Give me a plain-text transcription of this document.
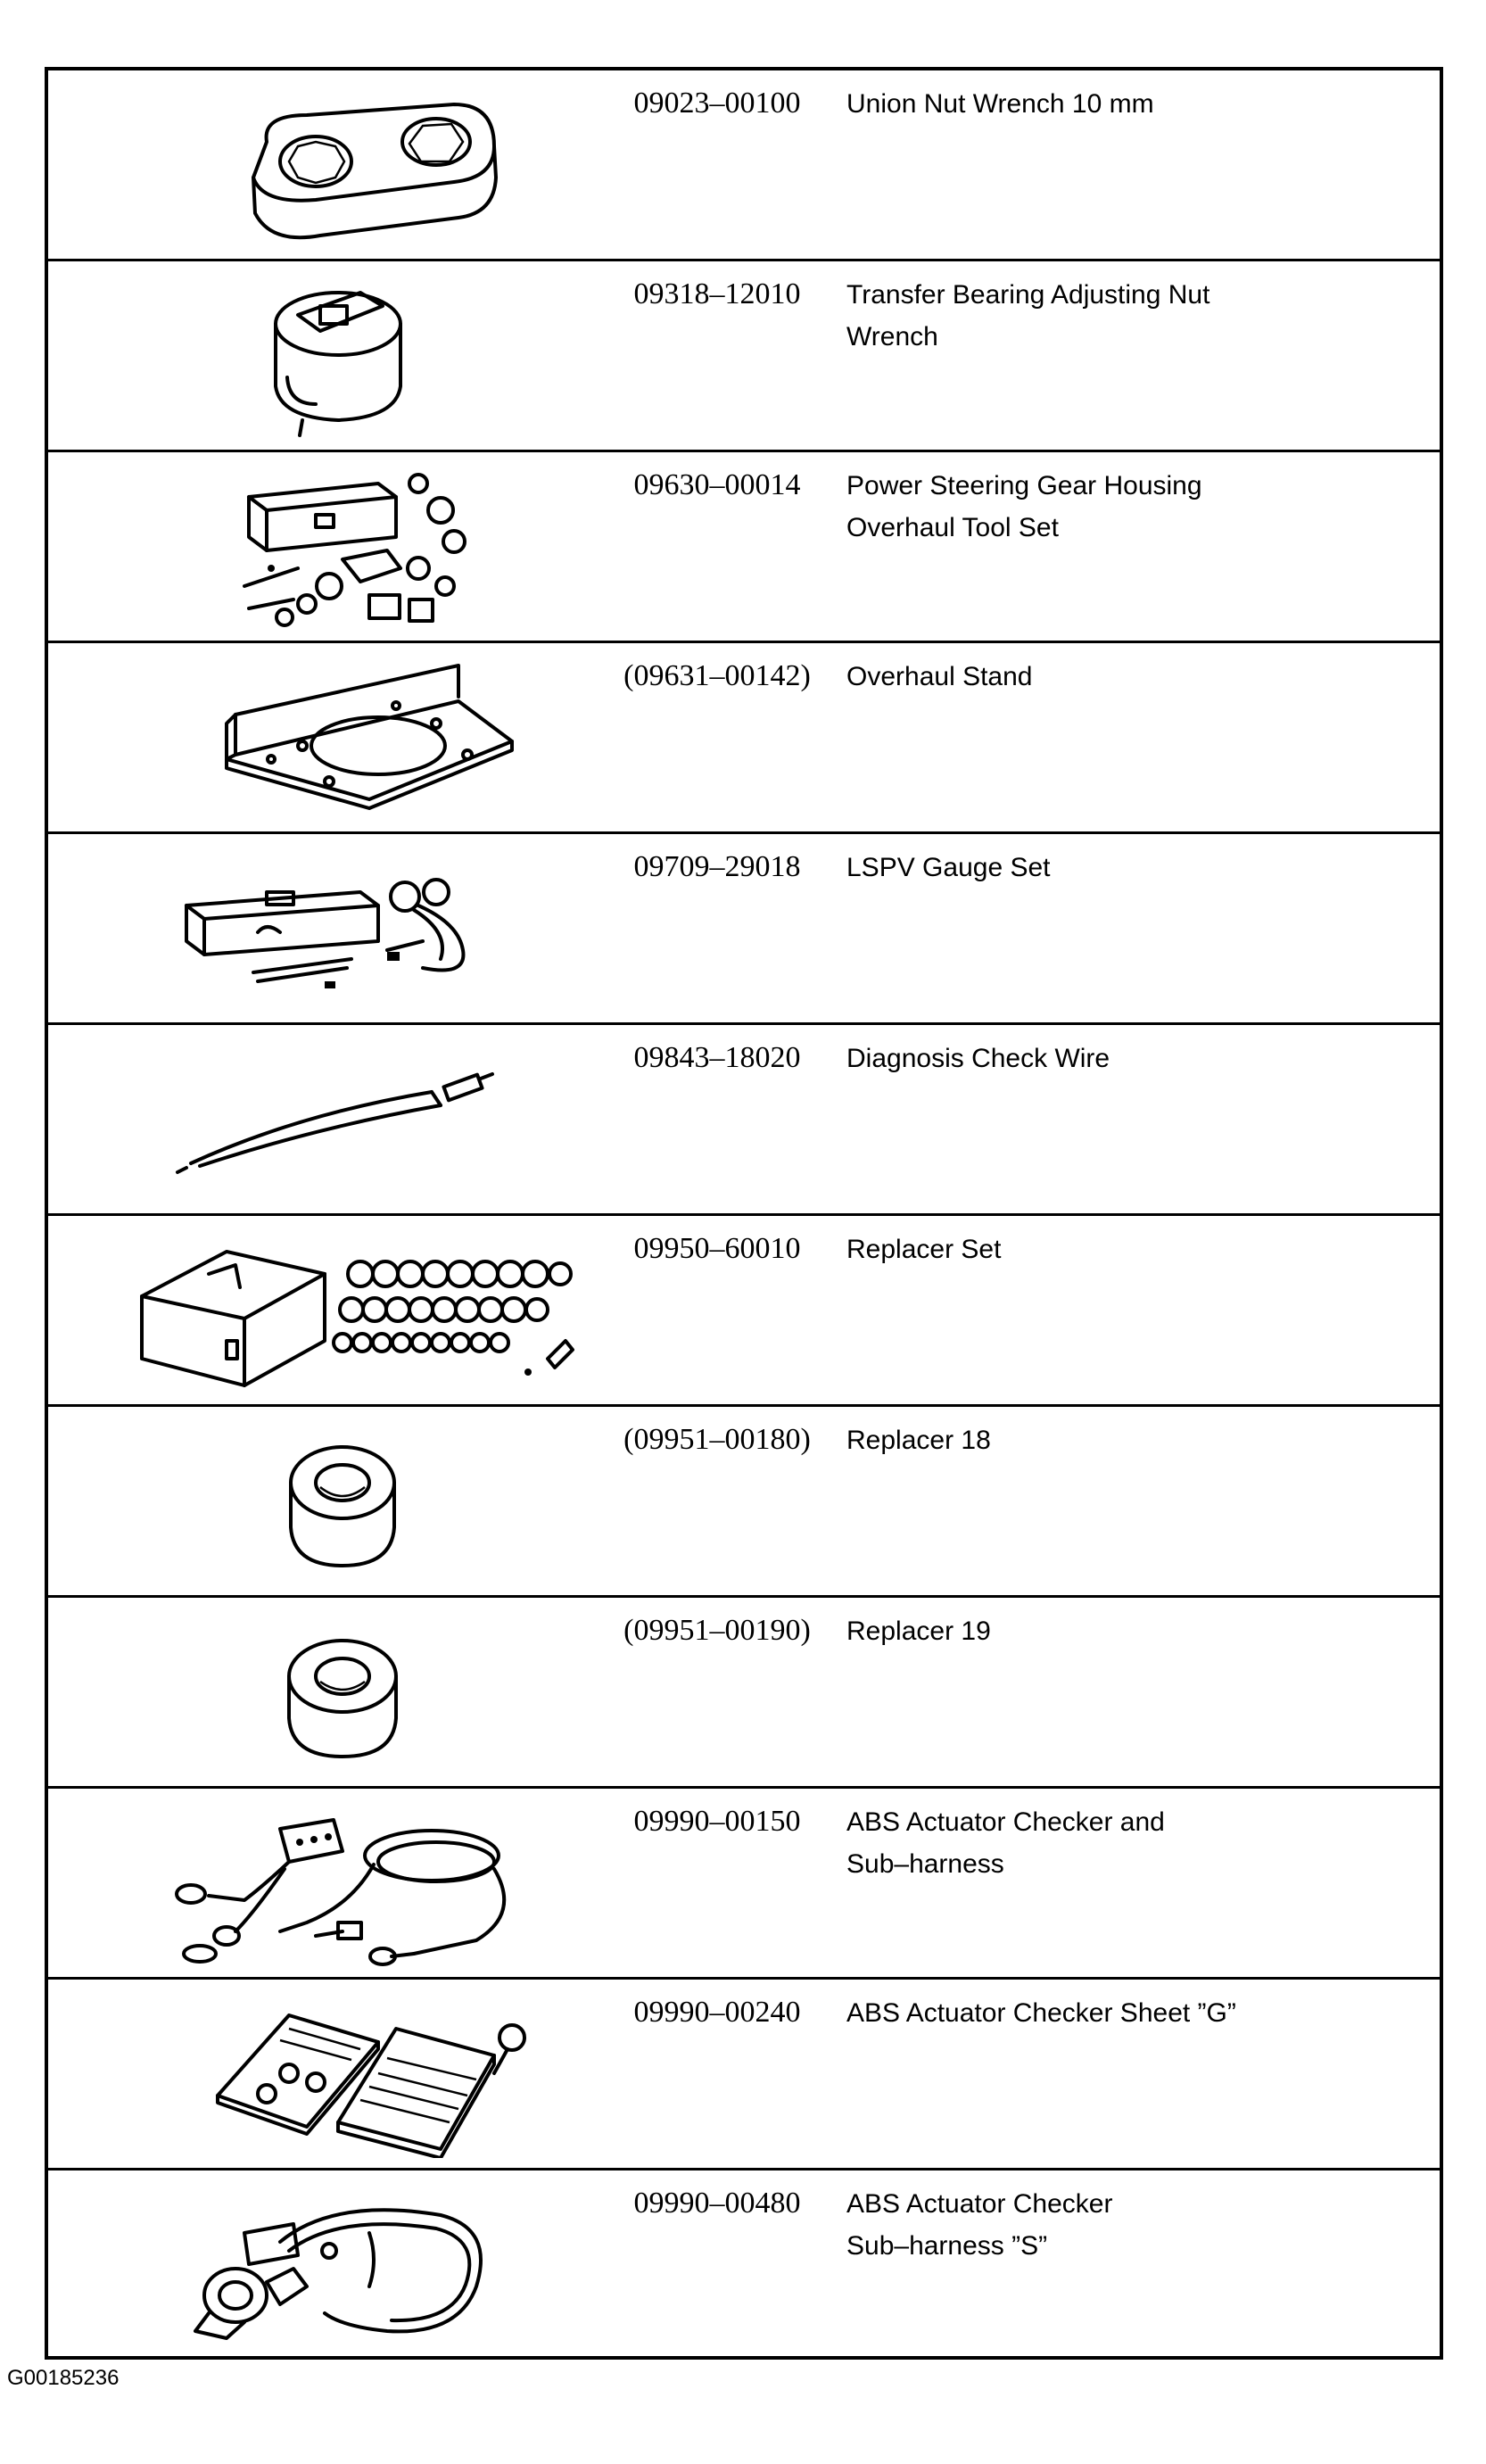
09023–00100	Union Nut Wrench 10 mm
09318–12010	Transfer Bearing Adjusting Nut
Wrench
09630–00014	Power Steering Gear Housing
Overhaul Tool Set
(09631–00142)	Overhaul Stand
09709–29018	LSPV Gauge Set
09843–18020	Diagnosis Check Wire
09950–60010	Replacer Set
(09951–00180)	Replacer 18
(09951–00190)	Replacer 19
09990–00150	ABS Actuator Checker and
Sub–harness
09990–00240	ABS Actuator Checker Sheet ”G”
09990–00480	ABS Actuator Checker
Sub–harness ”S”
G00185236
